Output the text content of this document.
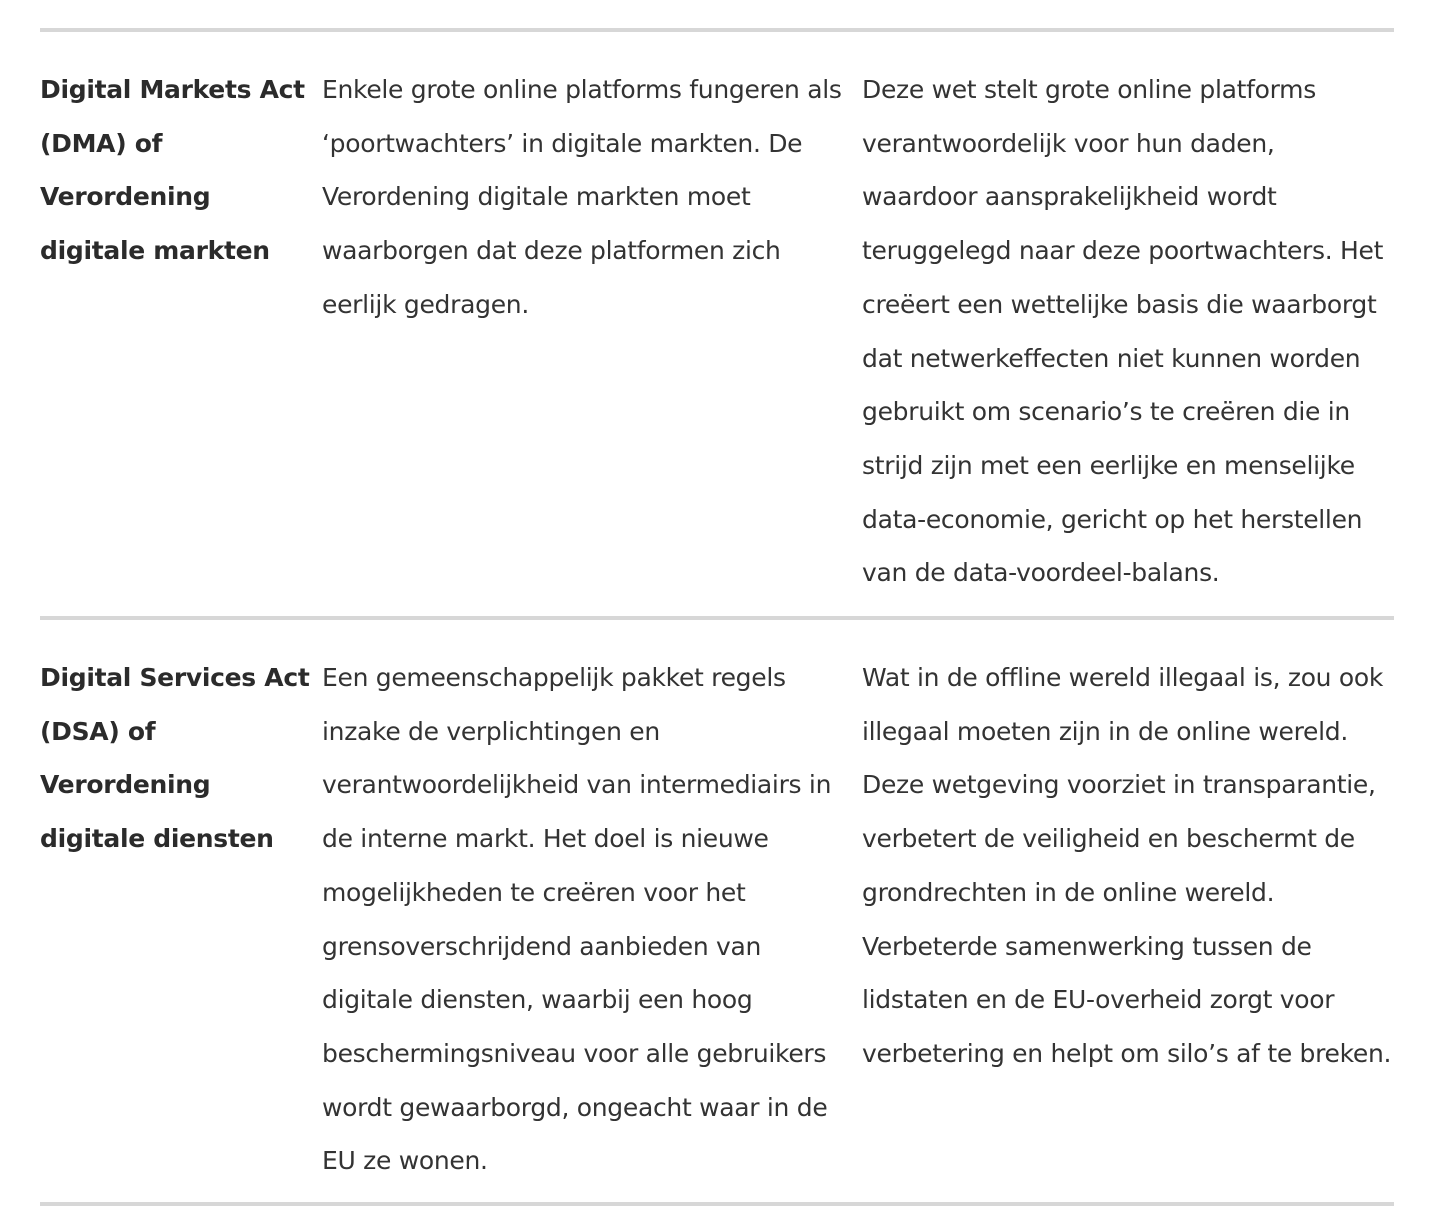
Digital Markets Act (DMA) of Verordening digitale markten
Enkele grote online platforms fungeren als ‘poortwachters’ in digitale markten. De Verordening digitale markten moet waarborgen dat deze platformen zich eerlijk gedragen.
Deze wet stelt grote online platforms verantwoordelijk voor hun daden, waardoor aansprakelijkheid wordt teruggelegd naar deze poortwachters. Het creëert een wettelijke basis die waarborgt dat netwerkeffecten niet kunnen worden gebruikt om scenario’s te creëren die in strijd zijn met een eerlijke en menselijke data-economie, gericht op het herstellen van de data-voordeel-balans.
Digital Services Act (DSA) of Verordening digitale diensten
Een gemeenschappelijk pakket regels inzake de verplichtingen en verantwoordelijkheid van intermediairs in de interne markt. Het doel is nieuwe mogelijkheden te creëren voor het grensoverschrijdend aanbieden van digitale diensten, waarbij een hoog beschermingsniveau voor alle gebruikers wordt gewaarborgd, ongeacht waar in de EU ze wonen.
Wat in de offline wereld illegaal is, zou ook illegaal moeten zijn in de online wereld. Deze wetgeving voorziet in transparantie, verbetert de veiligheid en beschermt de grondrechten in de online wereld. Verbeterde samenwerking tussen de lidstaten en de EU-overheid zorgt voor verbetering en helpt om silo’s af te breken.
